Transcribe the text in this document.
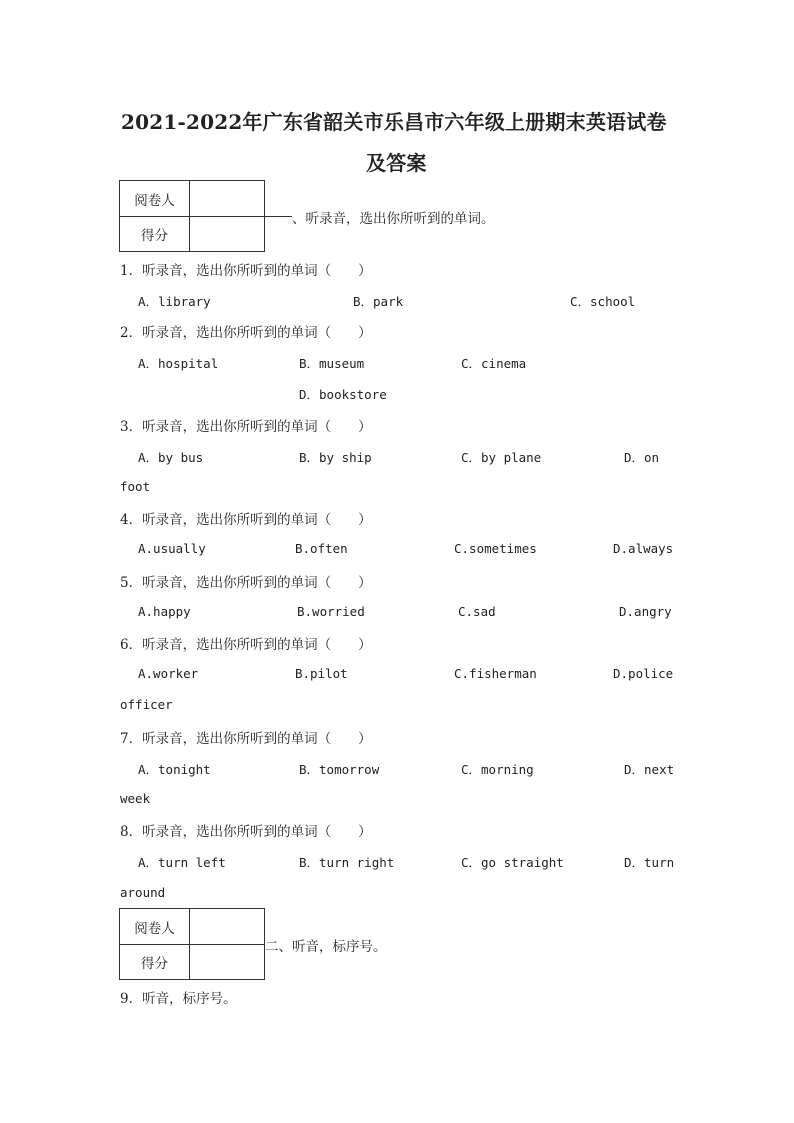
2021-2022年广东省韶关市乐昌市六年级上册期末英语试卷
及答案
阅卷人
得分
、听录音，选出你所听到的单词。
1．听录音，选出你所听到的单词（　　）
A．library	B．park	C．school
2．听录音，选出你所听到的单词（　　）
A．hospital	B．museum	C．cinema
D．bookstore
3．听录音，选出你所听到的单词（　　）
A．by bus	B．by ship	C．by plane	D．on
foot
4．听录音，选出你所听到的单词（　　）
A.usually	B.often	C.sometimes	D.always
5．听录音，选出你所听到的单词（　　）
A.happy	B.worried	C.sad	D.angry
6．听录音，选出你所听到的单词（　　）
A.worker	B.pilot	C.fisherman	D.police
officer
7．听录音，选出你所听到的单词（　　）
A．tonight	B．tomorrow	C．morning	D．next
week
8．听录音，选出你所听到的单词（　　）
A．turn left	B．turn right	C．go straight	D．turn
around
阅卷人
得分
二、听音，标序号。
9．听音，标序号。
